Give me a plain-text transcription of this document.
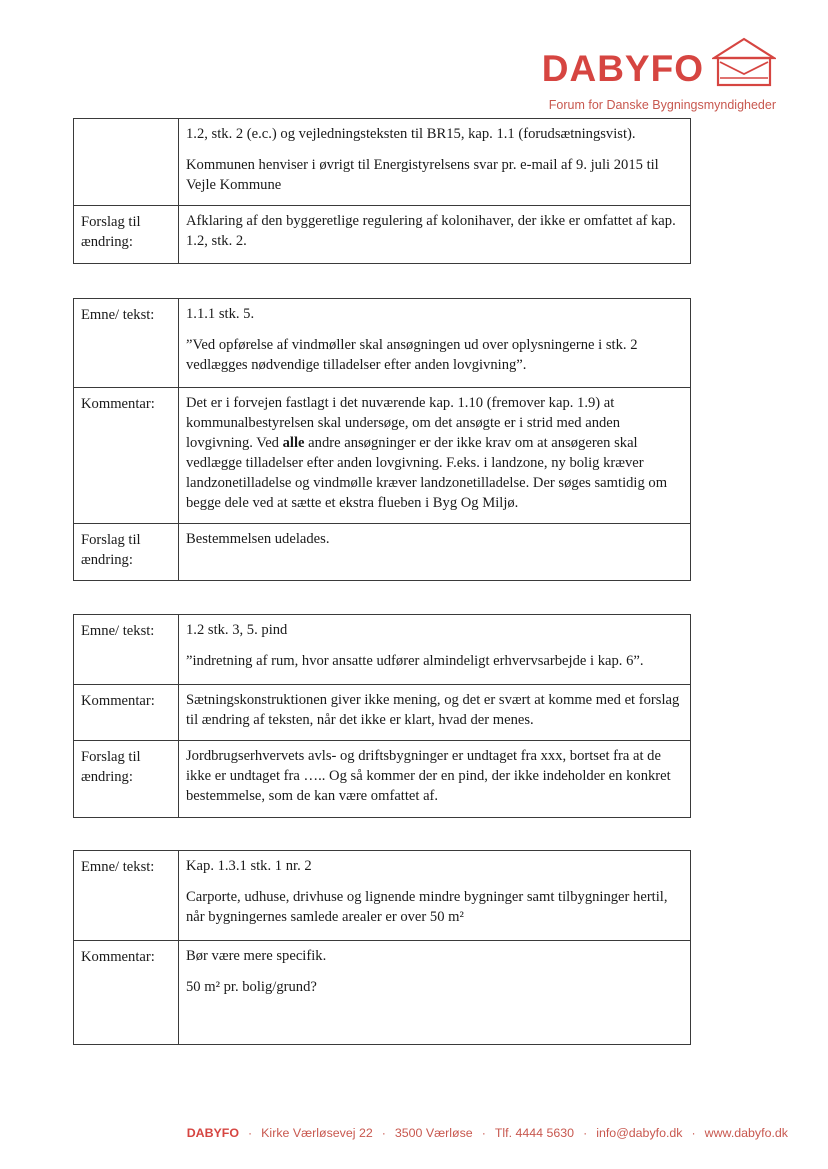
DABYFO
Forum for Danske Bygningsmyndigheder

	1.2, stk. 2 (e.c.) og vejledningsteksten til BR15, kap. 1.1 (forudsætningsvist).

Kommunen henviser i øvrigt til Energistyrelsens svar pr. e-mail af 9. juli 2015 til Vejle Kommune

Forslag til ændring:	Afklaring af den byggeretlige regulering af kolonihaver, der ikke er omfattet af kap. 1.2, stk. 2.

Emne/ tekst:	1.1.1 stk. 5.

”Ved opførelse af vindmøller skal ansøgningen ud over oplysningerne i stk. 2 vedlægges nødvendige tilladelser efter anden lovgivning”.

Kommentar:	Det er i forvejen fastlagt i det nuværende kap. 1.10 (fremover kap. 1.9) at kommunalbestyrelsen skal undersøge, om det ansøgte er i strid med anden lovgivning. Ved alle andre ansøgninger er der ikke krav om at ansøgeren skal vedlægge tilladelser efter anden lovgivning. F.eks. i landzone, ny bolig kræver landzonetilladelse og vindmølle kræver landzonetilladelse. Der søges samtidig om begge dele ved at sætte et ekstra flueben i Byg Og Miljø.

Forslag til ændring:	Bestemmelsen udelades.

Emne/ tekst:	1.2 stk. 3, 5. pind

”indretning af rum, hvor ansatte udfører almindeligt erhvervsarbejde i kap. 6”.

Kommentar:	Sætningskonstruktionen giver ikke mening, og det er svært at komme med et forslag til ændring af teksten, når det ikke er klart, hvad der menes.

Forslag til ændring:	Jordbrugserhvervets avls- og driftsbygninger er undtaget fra xxx, bortset fra at de ikke er undtaget fra ….. Og så kommer der en pind, der ikke indeholder en konkret bestemmelse, som de kan være omfattet af.

Emne/ tekst:	Kap. 1.3.1 stk. 1 nr. 2

Carporte, udhuse, drivhuse og lignende mindre bygninger samt tilbygninger hertil, når bygningernes samlede arealer er over 50 m²

Kommentar:	Bør være mere specifik.

50 m² pr. bolig/grund?

DABYFO · Kirke Værløsevej 22 · 3500 Værløse · Tlf. 4444 5630 · info@dabyfo.dk · www.dabyfo.dk
